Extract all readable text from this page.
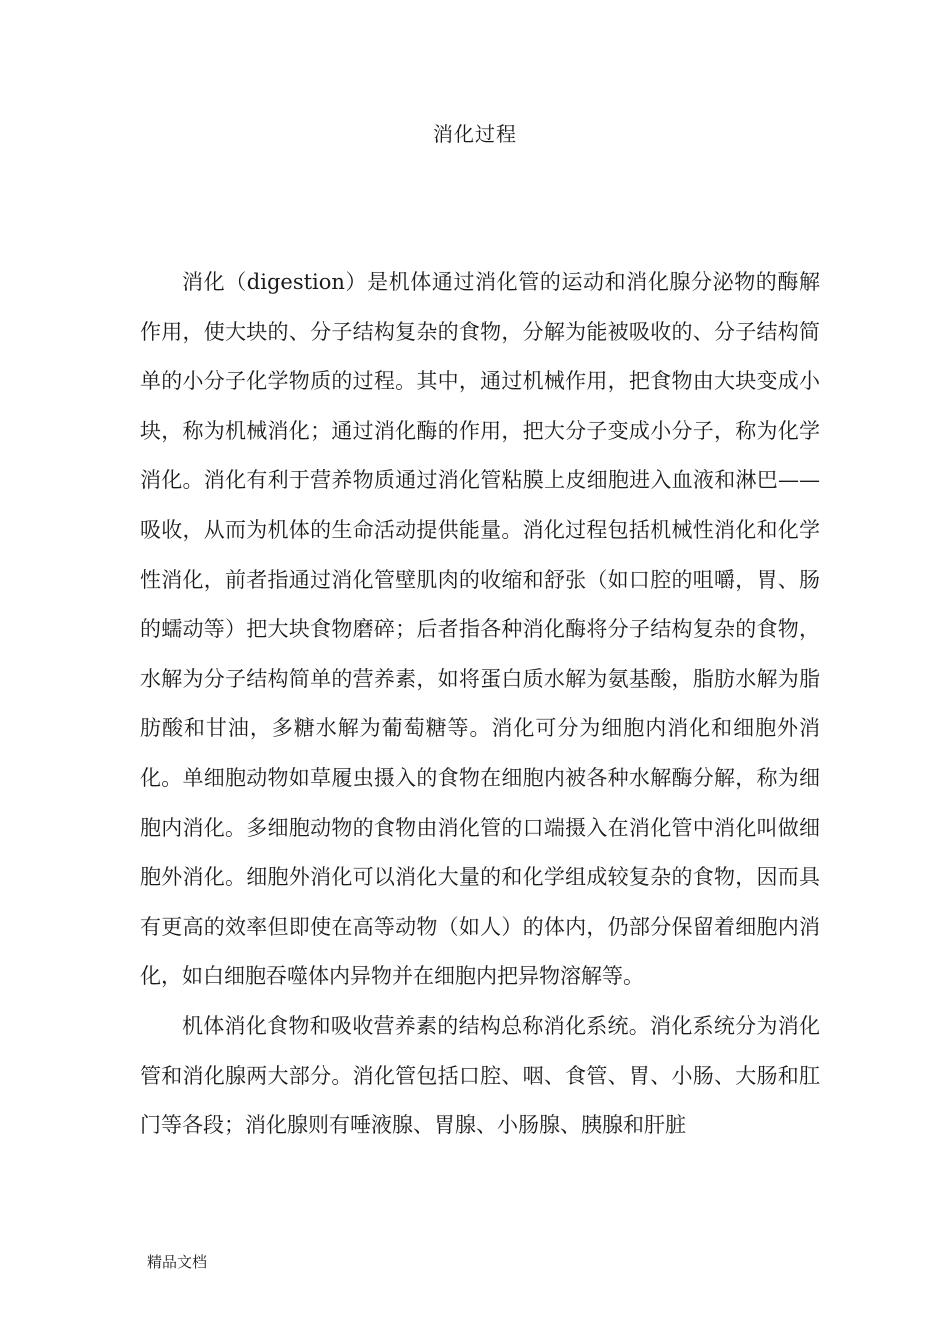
消化过程

消化（digestion）是机体通过消化管的运动和消化腺分泌物的酶解作用，使大块的、分子结构复杂的食物，分解为能被吸收的、分子结构简单的小分子化学物质的过程。其中，通过机械作用，把食物由大块变成小块，称为机械消化；通过消化酶的作用，把大分子变成小分子，称为化学消化。消化有利于营养物质通过消化管粘膜上皮细胞进入血液和淋巴——吸收，从而为机体的生命活动提供能量。消化过程包括机械性消化和化学性消化，前者指通过消化管壁肌肉的收缩和舒张（如口腔的咀嚼，胃、肠的蠕动等）把大块食物磨碎；后者指各种消化酶将分子结构复杂的食物，水解为分子结构简单的营养素，如将蛋白质水解为氨基酸，脂肪水解为脂肪酸和甘油，多糖水解为葡萄糖等。消化可分为细胞内消化和细胞外消化。单细胞动物如草履虫摄入的食物在细胞内被各种水解酶分解，称为细胞内消化。多细胞动物的食物由消化管的口端摄入在消化管中消化叫做细胞外消化。细胞外消化可以消化大量的和化学组成较复杂的食物，因而具有更高的效率但即使在高等动物（如人）的体内，仍部分保留着细胞内消化，如白细胞吞噬体内异物并在细胞内把异物溶解等。

机体消化食物和吸收营养素的结构总称消化系统。消化系统分为消化管和消化腺两大部分。消化管包括口腔、咽、食管、胃、小肠、大肠和肛门等各段；消化腺则有唾液腺、胃腺、小肠腺、胰腺和肝脏

精品文档
